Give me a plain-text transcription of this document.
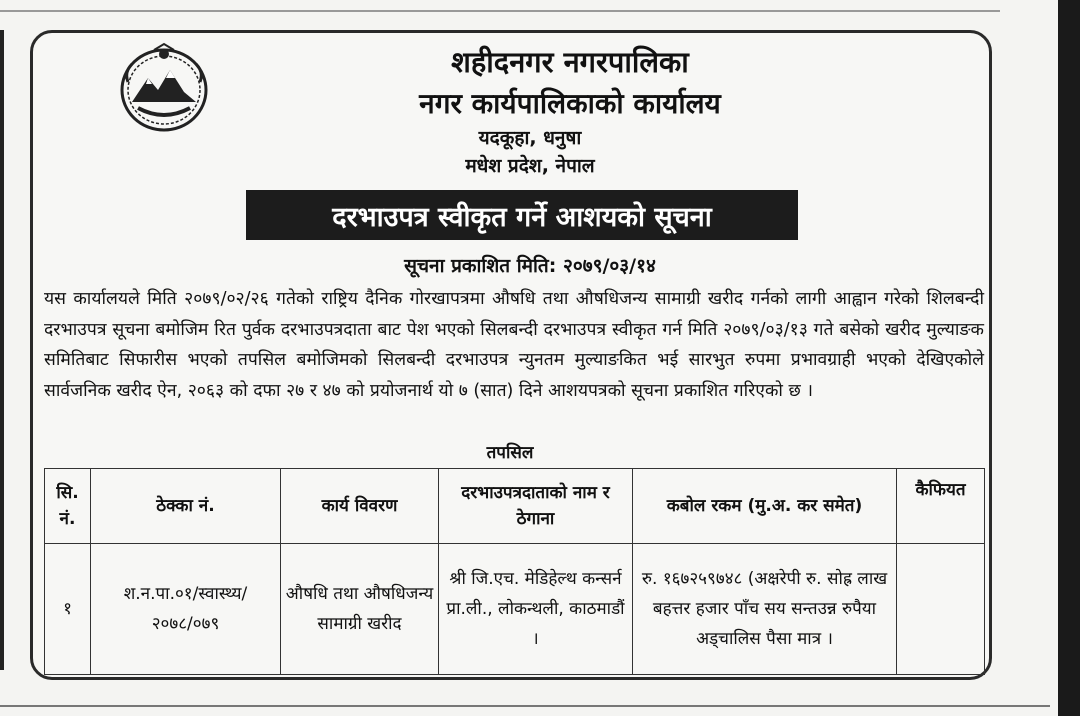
शहीदनगर नगरपालिका
नगर कार्यपालिकाको कार्यालय
यदकूहा, धनुषा
मधेश प्रदेश, नेपाल
दरभाउपत्र स्वीकृत गर्ने आशयको सूचना
सूचना प्रकाशित मिति: २०७९/०३/१४

यस कार्यालयले मिति २०७९/०२/२६ गतेको राष्ट्रिय दैनिक गोरखापत्रमा औषधि तथा औषधिजन्य सामाग्री खरीद गर्नको लागी आह्वान गरेको शिलबन्दी दरभाउपत्र सूचना बमोजिम रित पुर्वक दरभाउपत्रदाता बाट पेश भएको सिलबन्दी दरभाउपत्र स्वीकृत गर्न मिति २०७९/०३/१३ गते बसेको खरीद मुल्याङक समितिबाट सिफारीस भएको तपसिल बमोजिमको सिलबन्दी दरभाउपत्र न्युनतम मुल्याङकित भई सारभुत रुपमा प्रभावग्राही भएको देखिएकोले सार्वजनिक खरीद ऐन, २०६३ को दफा २७ र ४७ को प्रयोजनार्थ यो ७ (सात) दिने आशयपत्रको सूचना प्रकाशित गरिएको छ ।

तपसिल
सि. नं.	ठेक्का नं.	कार्य विवरण	दरभाउपत्रदाताको नाम र ठेगाना	कबोल रकम (मु.अ. कर समेत)	कैफियत
१	श.न.पा.०१/स्वास्थ्य/ २०७८/०७९	औषधि तथा औषधिजन्य सामाग्री खरीद	श्री जि.एच. मेडिहेल्थ कन्सर्न प्रा.ली., लोकन्थली, काठमाडौं ।	रु. १६७२५९७४८ (अक्षरेपी रु. सोह्र लाख बहत्तर हजार पाँच सय सन्तउन्न रुपैया अड्चालिस पैसा मात्र ।	
